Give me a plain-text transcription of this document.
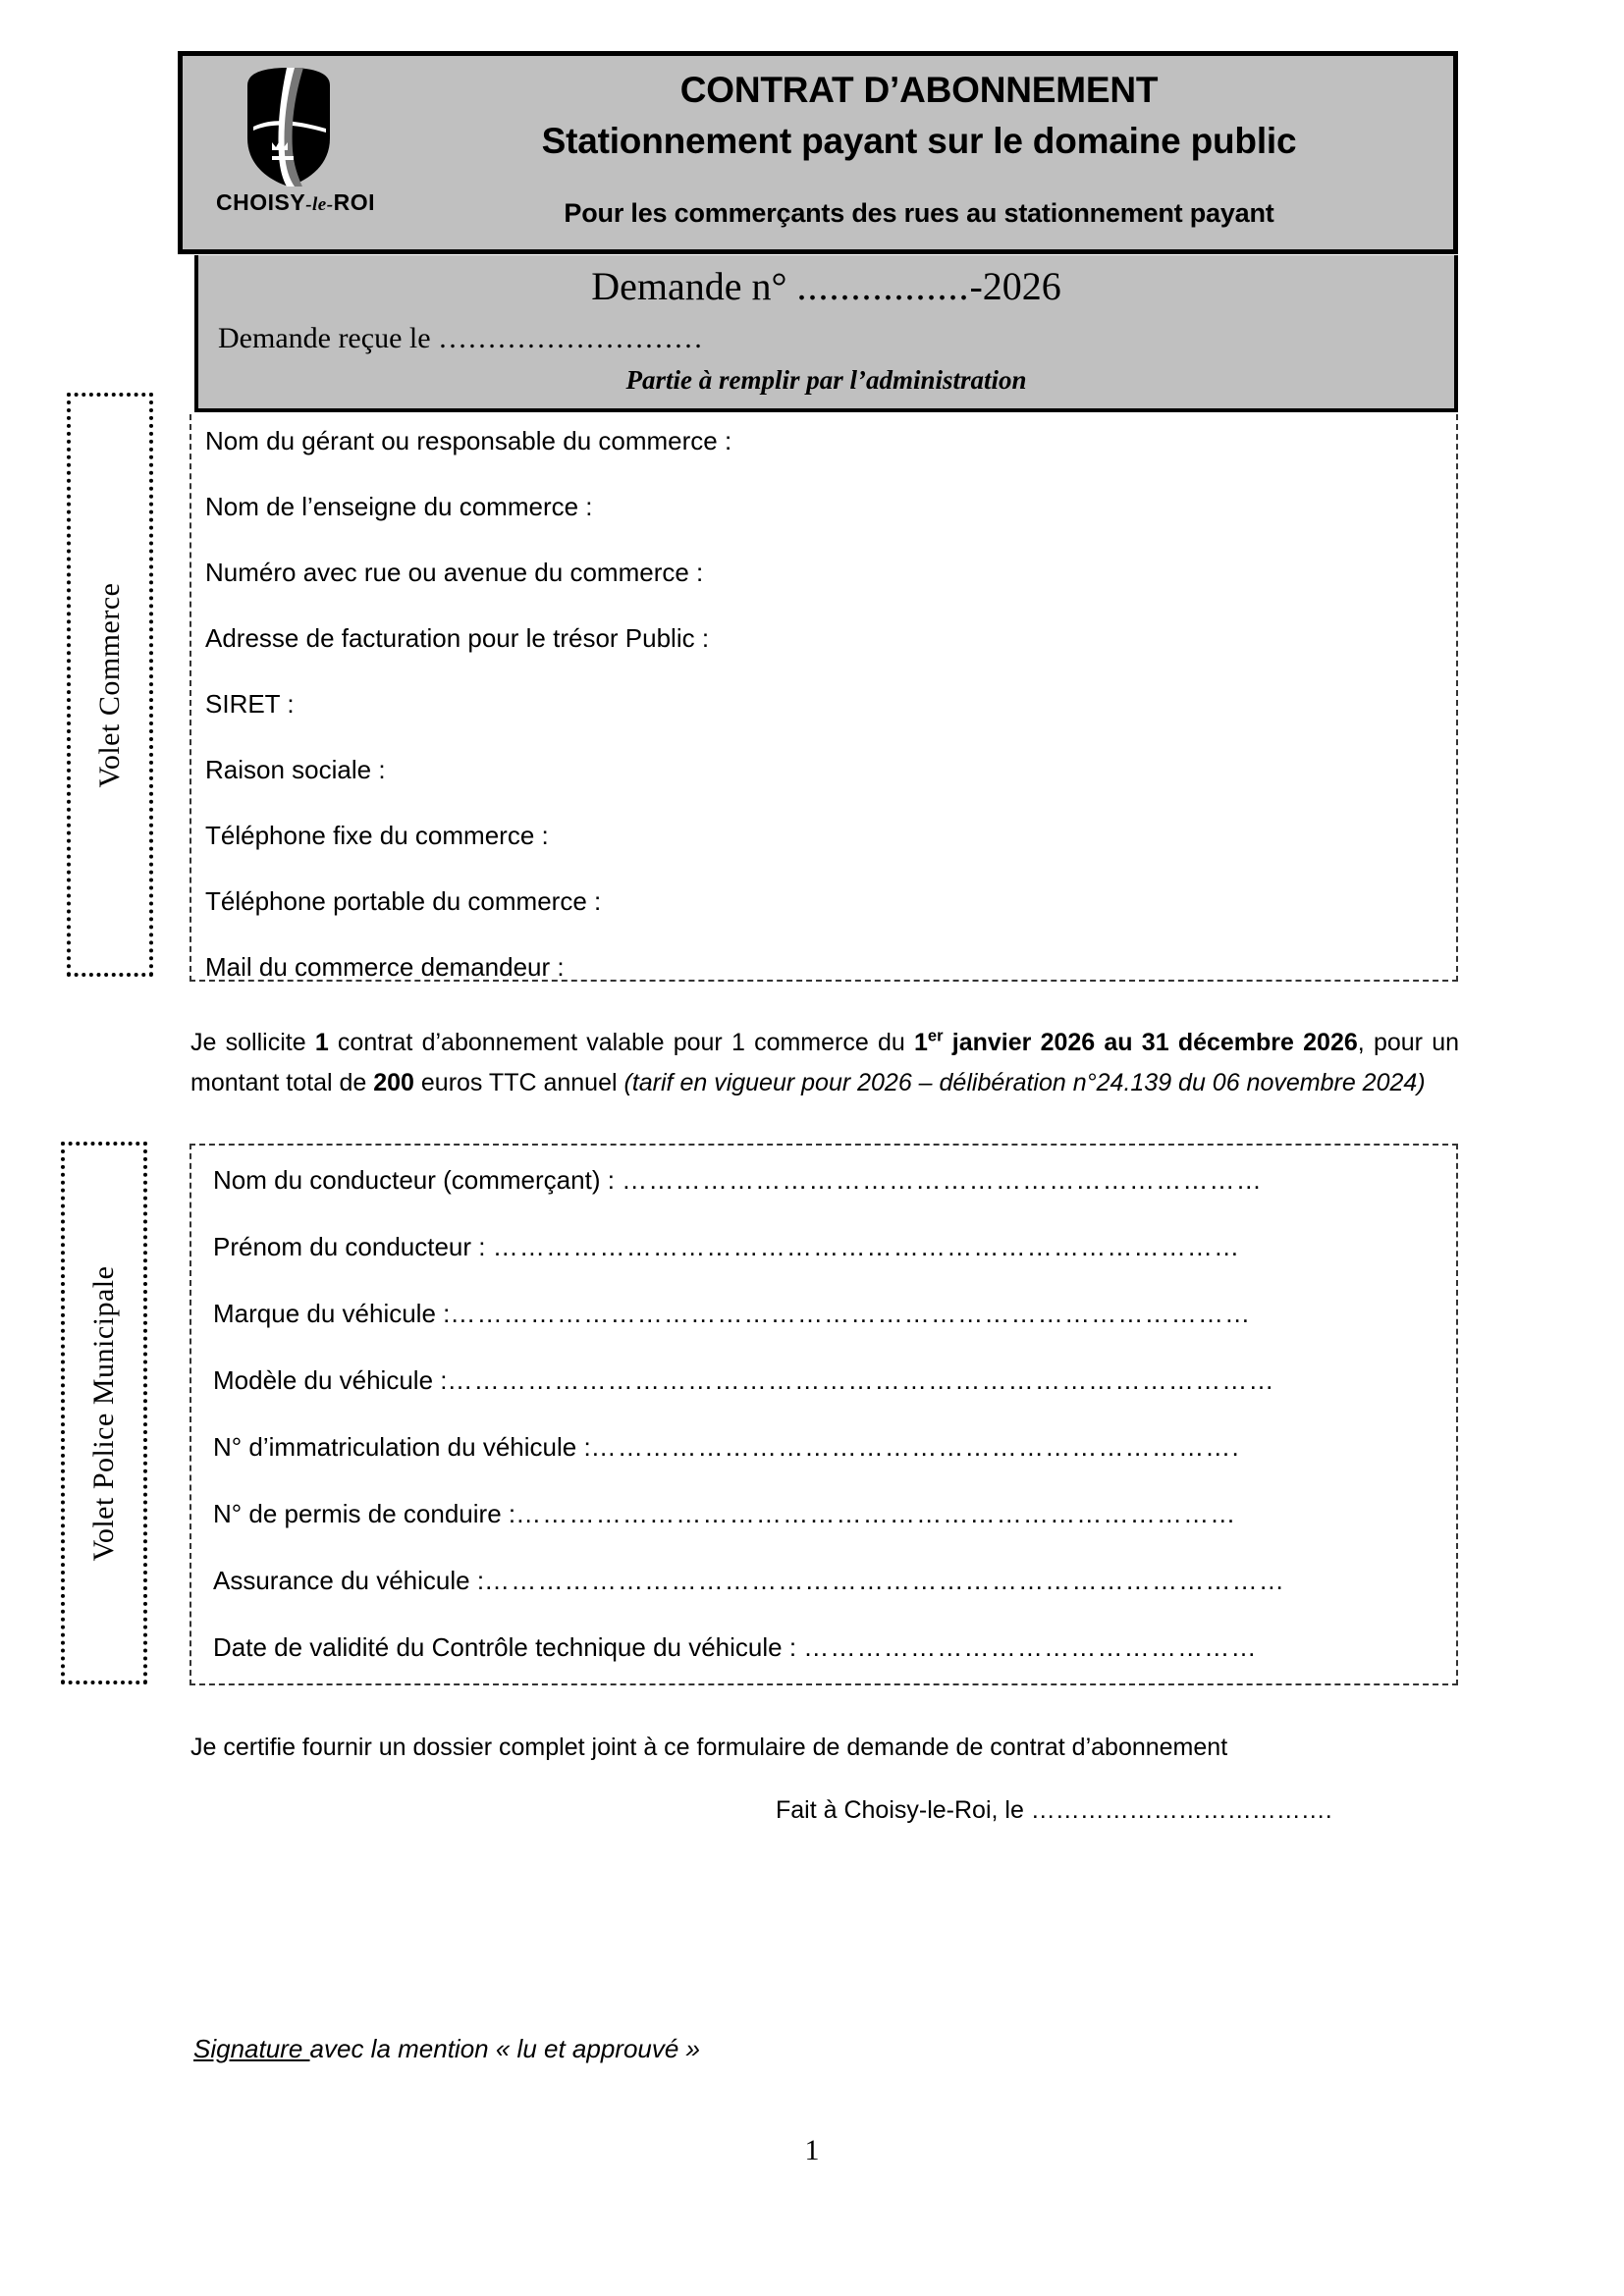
CHOISY-le-ROI
CONTRAT D’ABONNEMENT
Stationnement payant sur le domaine public
Pour les commerçants des rues au stationnement payant
Demande n° ................-2026
Demande reçue le ………………………
Partie à remplir par l’administration
Volet Commerce
Nom du gérant ou responsable du commerce :
Nom de l’enseigne du commerce :
Numéro avec rue ou avenue du commerce :
Adresse de facturation pour le trésor Public :
SIRET :
Raison sociale :
Téléphone fixe du commerce :
Téléphone portable du commerce :
Mail du commerce demandeur :
Je sollicite 1 contrat d’abonnement valable pour 1 commerce du 1er janvier 2026 au 31 décembre 2026, pour un montant total de 200 euros TTC annuel (tarif en vigueur pour 2026 – délibération n°24.139 du 06 novembre 2024)
Volet Police Municipale
Nom du conducteur (commerçant) : ………………………………………………………………
Prénom du conducteur : …………………………………………………………………………
Marque du véhicule :………………………………………………………………………………
Modèle du véhicule :…………………………………………………………………………………
N° d’immatriculation du véhicule :……………………………………………………………….
N° de permis de conduire :………………………………………………………………………
Assurance du véhicule :………………………………………………………………………………
Date de validité du Contrôle technique du véhicule : ……………………………………………
Je certifie fournir un dossier complet joint à ce formulaire de demande de contrat d’abonnement
Fait à Choisy-le-Roi, le ……………………………….
Signature avec la mention « lu et approuvé »
1
